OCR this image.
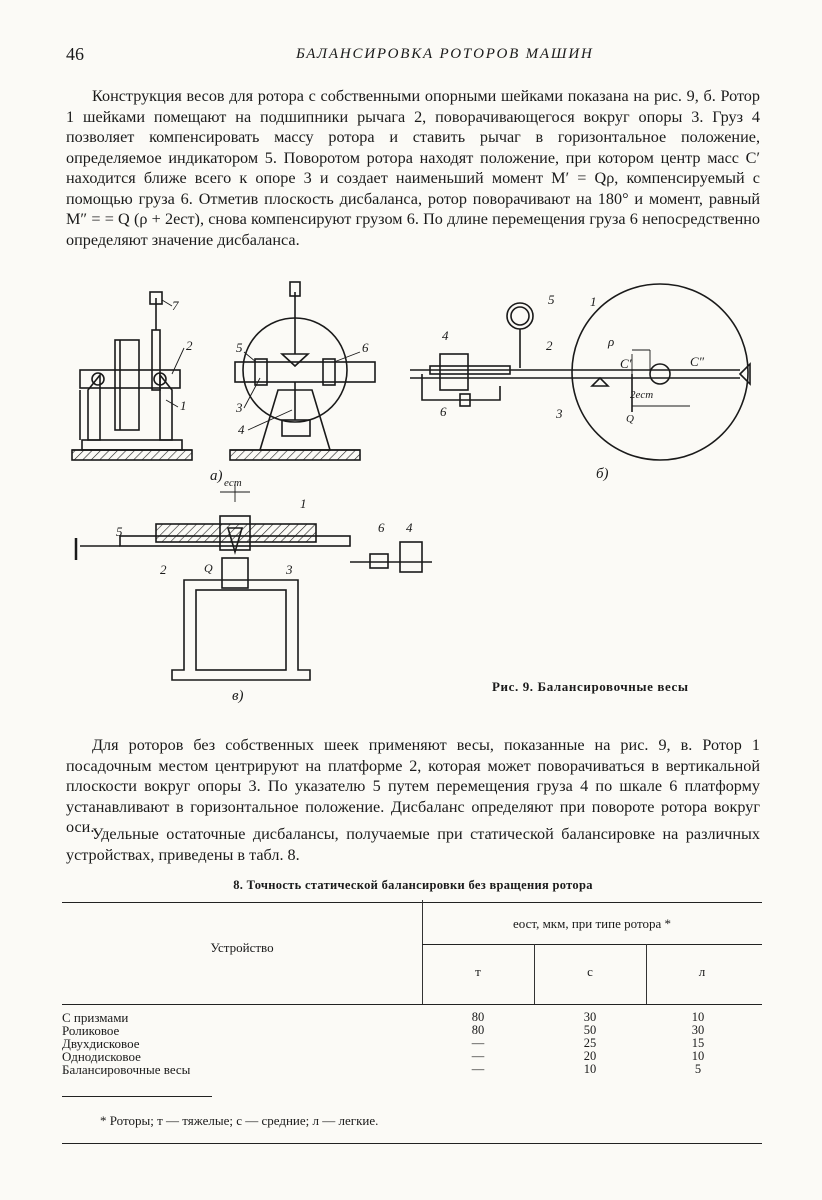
46	БАЛАНСИРОВКА РОТОРОВ МАШИН

Конструкция весов для ротора с собственными опорными шейками показана на рис. 9, б. Ротор 1 шейками помещают на подшипники рычага 2, поворачивающегося вокруг опоры 3. Груз 4 позволяет компенсировать массу ротора и ставить рычаг в горизонтальное положение, определяемое индикатором 5. Поворотом ротора находят положение, при котором центр масс C′ находится ближе всего к опоре 3 и создает наименьший момент M′ = Qρ, компенсируемый с помощью груза 6. Отметив плоскость дисбаланса, ротор поворачивают на 180° и момент, равный M″ = = Q (ρ + 2eст), снова компенсируют грузом 6. По длине перемещения груза 6 непосредственно определяют значение дисбаланса.

7
2
1
5	6
3
4
1
5
4
2
6	3
ρ
C′	C″
2eст
Q
1
2	3
4
5	6
eст
Q
а)	б)
в)
Рис. 9. Балансировочные весы

Для роторов без собственных шеек применяют весы, показанные на рис. 9, в. Ротор 1 посадочным местом центрируют на платформе 2, которая может поворачиваться в вертикальной плоскости вокруг опоры 3. По указателю 5 путем перемещения груза 4 по шкале 6 платформу устанавливают в горизонтальное положение. Дисбаланс определяют при повороте ротора вокруг оси.

Удельные остаточные дисбалансы, получаемые при статической балансировке на различных устройствах, приведены в табл. 8.

8. Точность статической балансировки без вращения ротора
Устройство
eост, мкм, при типе ротора *
т	с	л
С призмами	80	30	10
Роликовое	80	50	30
Двухдисковое	—	25	15
Однодисковое	—	20	10
Балансировочные весы	—	10	5
* Роторы; т — тяжелые; с — средние; л — легкие.
